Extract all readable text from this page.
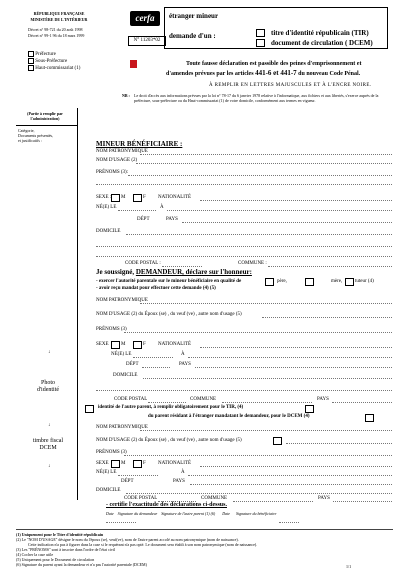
RÉPUBLIQUE FRANÇAISE
MINISTÈRE DE L'INTÉRIEUR
Décret n° 98-721 du 20 août 1998
Décret n° 99-1 96 du 18 mars 1999
cerfa
N° 11203*02
Préfecture
Sous-Préfecture
Haut-commissariat (1)
étranger mineur
demande d'un :	titre d'identité républicain (TIR)
document de circulation ( DCEM)
Toute fausse déclaration est passible des peines d'emprisonnement et
d'amendes prévues par les articles 441-6 et 441-7 du nouveau Code Pénal.
À REMPLIR EN LETTRES MAJUSCULES ET À L'ENCRE NOIRE.
NB : Le droit d'accès aux informations prévues par la loi n° 78-17 du 6 janvier 1978 relative à l'informatique, aux fichiers et aux libertés, s'exerce auprès de la préfecture, sous-préfecture ou du Haut-commissariat (1) de votre domicile, conformément aux termes en vigueur.
(Partie à remplir par l'administration)
Catégorie,
Documents présentés,
et justificatifs :
↓
Photo
d'identité
↓
timbre fiscal
DCEM
↓
MINEUR BÉNÉFICIAIRE :
NOM PATRONYMIQUE
NOM D'USAGE (2)
PRÉNOMS (3):
SEXE : M	F NATIONALITÉ
NÉ(E) LE	À
DÉPT	PAYS
DOMICILE
CODE POSTAL :	COMMUNE :
Je soussigné, DEMANDEUR, déclare sur l'honneur:
- exercer l'autorité parentale sur le mineur bénéficiaire en qualité de	père,	mère,	tuteur (4)
- avoir reçu mandat pour effectuer cette demande (4) (5)
NOM PATRONYMIQUE
NOM D'USAGE (2) du Époux (se) , du veuf (ve) , autre nom d'usage (5)
PRÉNOMS (3)
SEXE	M	F NATIONALITÉ
NÉ(E) LE	À
DÉPT	PAYS
DOMICILE
CODE POSTAL	COMMUNE	PAYS
identité de l'autre parent, à remplir obligatoirement pour le TIR, (4)
du parent résidant à l'étranger mandatant le demandeur, pour le DCEM (4)
NOM PATRONYMIQUE
NOM D'USAGE (2) du Époux (se) , du veuf (ve) , autre nom d'usage (5)
PRÉNOMS (3)
SEXE	M	F NATIONALITÉ
NÉ(E) LE	À
DÉPT	PAYS
DOMICILE
CODE POSTAL	COMMUNE	PAYS
- certifie l'exactitude des déclarations ci-dessus.
Date Signature du demandeur Signature de l'autre parent (1) (6) Date Signature du bénéficiaire
(1) Uniquement pour le Titre d'identité républicain
(2) Le "NOM D'USAGE" désigne le nom du l'époux (se), veuf(ve), nom de l'autre parent accolé au nom patronymique (nom de naissance).
Cette indication n'a pas à figurer dans la case si le requérant n'a pas opté. Le document sera établi à son nom patronymique (nom de naissance).
(3) Les "PRÉNOMS" sont à inscrire dans l'ordre de l'état civil
(4) Cocher la case utile
(5) Uniquement pour le Document de circulation
(6) Signature du parent ayant la demandeur et n'a pas l'autorité parentale (DCEM)	1/1
